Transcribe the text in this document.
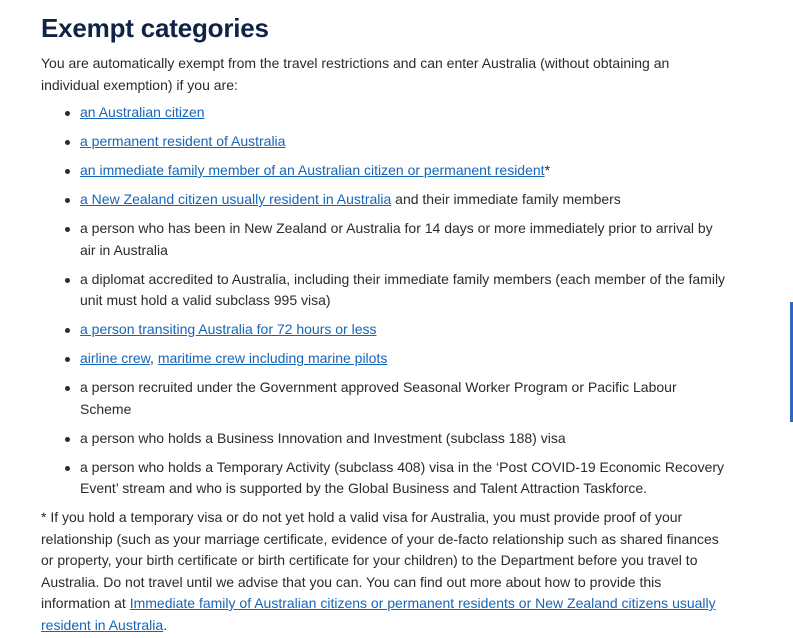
Exempt categories

You are automatically exempt from the travel restrictions and can enter Australia (without obtaining an individual exemption) if you are:

an Australian citizen
a permanent resident of Australia
an immediate family member of an Australian citizen or permanent resident*
a New Zealand citizen usually resident in Australia and their immediate family members
a person who has been in New Zealand or Australia for 14 days or more immediately prior to arrival by air in Australia
a diplomat accredited to Australia, including their immediate family members (each member of the family unit must hold a valid subclass 995 visa)
a person transiting Australia for 72 hours or less
airline crew, maritime crew including marine pilots
a person recruited under the Government approved Seasonal Worker Program or Pacific Labour Scheme
a person who holds a Business Innovation and Investment (subclass 188) visa
a person who holds a Temporary Activity (subclass 408) visa in the ‘Post COVID-19 Economic Recovery Event’ stream and who is supported by the Global Business and Talent Attraction Taskforce.

* If you hold a temporary visa or do not yet hold a valid visa for Australia, you must provide proof of your relationship (such as your marriage certificate, evidence of your de-facto relationship such as shared finances or property, your birth certificate or birth certificate for your children) to the Department before you travel to Australia. Do not travel until we advise that you can. You can find out more about how to provide this information at Immediate family of Australian citizens or permanent residents or New Zealand citizens usually resident in Australia.
